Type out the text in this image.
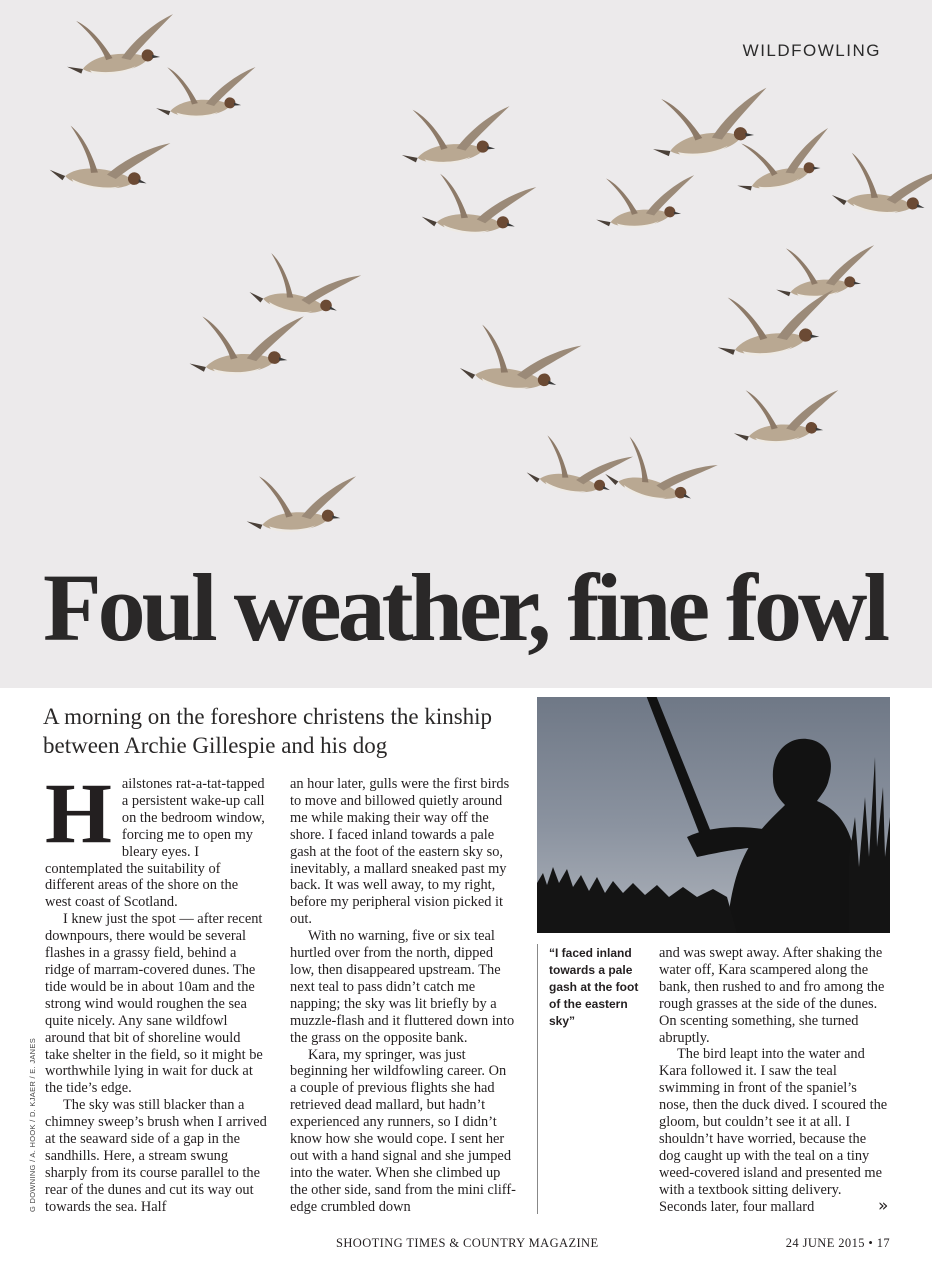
WILDFOWLING
Foul weather, fine fowl

A morning on the foreshore christens the kinship between Archie Gillespie and his dog

H ailstones rat-a-tat-tapped a persistent wake-up call on the bedroom window, forcing me to open my bleary eyes. I contemplated the suitability of different areas of the shore on the west coast of Scotland.

I knew just the spot — after recent downpours, there would be several flashes in a grassy field, behind a ridge of marram-covered dunes. The tide would be in about 10am and the strong wind would roughen the sea quite nicely. Any sane wildfowl around that bit of shoreline would take shelter in the field, so it might be worthwhile lying in wait for duck at the tide’s edge.

The sky was still blacker than a chimney sweep’s brush when I arrived at the seaward side of a gap in the sandhills. Here, a stream swung sharply from its course parallel to the rear of the dunes and cut its way out towards the sea. Half

an hour later, gulls were the first birds to move and billowed quietly around me while making their way off the shore. I faced inland towards a pale gash at the foot of the eastern sky so, inevitably, a mallard sneaked past my back. It was well away, to my right, before my peripheral vision picked it out.

With no warning, five or six teal hurtled over from the north, dipped low, then disappeared upstream. The next teal to pass didn’t catch me napping; the sky was lit briefly by a muzzle-flash and it fluttered down into the grass on the opposite bank.

Kara, my springer, was just beginning her wildfowling career. On a couple of previous flights she had retrieved dead mallard, but hadn’t experienced any runners, so I didn’t know how she would cope. I sent her out with a hand signal and she jumped into the water. When she climbed up the other side, sand from the mini cliff-edge crumbled down

“I faced inland towards a pale gash at the foot of the eastern sky”

and was swept away. After shaking the water off, Kara scampered along the bank, then rushed to and fro among the rough grasses at the side of the dunes. On scenting something, she turned abruptly.

The bird leapt into the water and Kara followed it. I saw the teal swimming in front of the spaniel’s nose, then the duck dived. I scoured the gloom, but couldn’t see it at all. I shouldn’t have worried, because the dog caught up with the teal on a tiny weed-covered island and presented me with a textbook sitting delivery. Seconds later, four mallard	»
G DOWNING / A. HOOK / D. KJAER / E. JANES
SHOOTING TIMES & COUNTRY MAGAZINE	24 JUNE 2015 • 17
